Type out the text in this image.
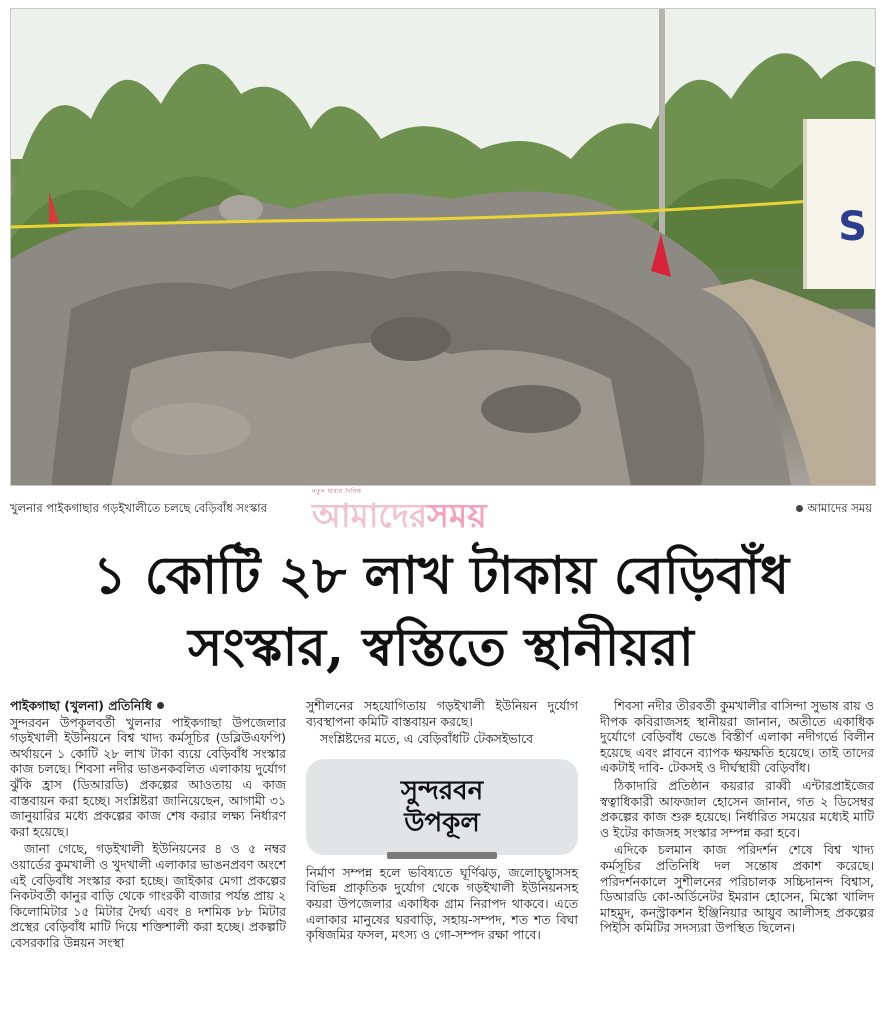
S
খুলনার পাইকগাছার গড়ইখালীতে চলছে বেড়িবাঁধ সংস্কার	আমাদের সময়
নতুন ধারার দৈনিক
আমাদেরসময়
১ কোটি ২৮ লাখ টাকায় বেড়িবাঁধ
সংস্কার, স্বস্তিতে স্থানীয়রা
পাইকগাছা (খুলনা) প্রতিনিধি

সুন্দরবন উপকূলবর্তী খুলনার পাইকগাছা উপজেলার গড়ইখালী ইউনিয়নে বিশ্ব খাদ্য কর্মসূচির (ডব্লিউএফপি) অর্থায়নে ১ কোটি ২৮ লাখ টাকা ব্যয়ে বেড়িবাঁধ সংস্কার কাজ চলছে। শিবসা নদীর ভাঙনকবলিত এলাকায় দুর্যোগ ঝুঁকি হ্রাস (ডিআরডি) প্রকল্পের আওতায় এ কাজ বাস্তবায়ন করা হচ্ছে। সংশ্লিষ্টরা জানিয়েছেন, আগামী ৩১ জানুয়ারির মধ্যে প্রকল্পের কাজ শেষ করার লক্ষ্য নির্ধারণ করা হয়েছে।

জানা গেছে, গড়ইখালী ইউনিয়নের ৪ ও ৫ নম্বর ওয়ার্ডের কুমখালী ও খুদখালী এলাকার ভাঙনপ্রবণ অংশে এই বেড়িবাঁধ সংস্কার করা হচ্ছে। জাইকার মেগা প্রকল্পের নিকটবর্তী কানুর বাড়ি থেকে গাংরকী বাজার পর্যন্ত প্রায় ২ কিলোমিটার ১৫ মিটার দৈর্ঘ্য এবং ৪ দশমিক ৮৮ মিটার প্রস্থের বেড়িবাঁধ মাটি দিয়ে শক্তিশালী করা হচ্ছে। প্রকল্পটি বেসরকারি উন্নয়ন সংস্থা

সুশীলনের সহযোগিতায় গড়ইখালী ইউনিয়ন দুর্যোগ ব্যবস্থাপনা কমিটি বাস্তবায়ন করছে।

সংশ্লিষ্টদের মতে, এ বেড়িবাঁধটি টেকসইভাবে

সুন্দরবন
উপকূল

নির্মাণ সম্পন্ন হলে ভবিষ্যতে ঘূর্ণিঝড়, জলোচ্ছ্বাসসহ বিভিন্ন প্রাকৃতিক দুর্যোগ থেকে গড়ইখালী ইউনিয়নসহ কয়রা উপজেলার একাধিক গ্রাম নিরাপদ থাকবে। এতে এলাকার মানুষের ঘরবাড়ি, সহায়-সম্পদ, শত শত বিঘা কৃষিজমির ফসল, মৎস্য ও গো-সম্পদ রক্ষা পাবে।

শিবসা নদীর তীরবর্তী কুমখালীর বাসিন্দা সুভাষ রায় ও দীপক কবিরাজসহ স্থানীয়রা জানান, অতীতে একাধিক দুর্যোগে বেড়িবাঁধ ভেঙে বিস্তীর্ণ এলাকা নদীগর্ভে বিলীন হয়েছে এবং প্লাবনে ব্যাপক ক্ষয়ক্ষতি হয়েছে। তাই তাদের একটাই দাবি- টেকসই ও দীর্ঘস্থায়ী বেড়িবাঁধ।

ঠিকাদারি প্রতিষ্ঠান কয়রার রাব্বী এন্টারপ্রাইজের স্বত্বাধিকারী আফজাল হোসেন জানান, গত ২ ডিসেম্বর প্রকল্পের কাজ শুরু হয়েছে। নির্ধারিত সময়ের মধ্যেই মাটি ও ইটের কাজসহ সংস্কার সম্পন্ন করা হবে।

এদিকে চলমান কাজ পরিদর্শন শেষে বিশ্ব খাদ্য কর্মসূচির প্রতিনিধি দল সন্তোষ প্রকাশ করেছে। পরিদর্শনকালে সুশীলনের পরিচালক সচ্চিদানন্দ বিশ্বাস, ডিআরডি কো-অর্ডিনেটর ইমরান হোসেন, মিস্কো খালিদ মাহমুদ, কনস্ট্রাকশন ইঞ্জিনিয়ার আয়ুব আলীসহ প্রকল্পের পিইসি কমিটির সদস্যরা উপস্থিত ছিলেন।
